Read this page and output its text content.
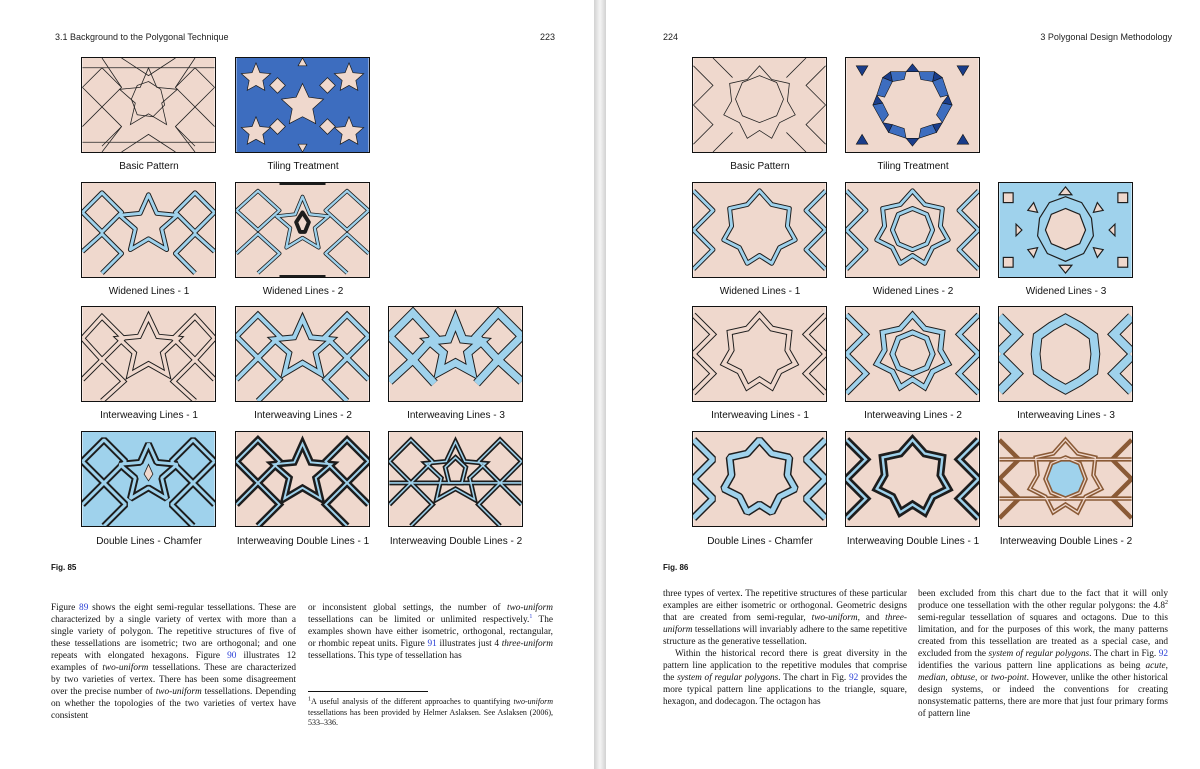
3.1 Background to the Polygonal Technique	223
Basic Pattern	Tiling Treatment
Widened Lines - 1	Widened Lines - 2
Interweaving Lines - 1	Interweaving Lines - 2	Interweaving Lines - 3
Double Lines - Chamfer	Interweaving Double Lines - 1	Interweaving Double Lines - 2
Fig. 85

Figure 89 shows the eight semi-regular tessellations. These are characterized by a single variety of vertex with more than a single variety of polygon. The repetitive structures of five of these tessellations are isometric; two are orthogonal; and one repeats with elongated hexagons. Figure 90 illustrates 12 examples of two-uniform tessellations. These are characterized by two varieties of vertex. There has been some disagreement over the precise number of two-uniform tessellations. Depending on whether the topologies of the two varieties of vertex have consistent

or inconsistent global settings, the number of two-uniform tessellations can be limited or unlimited respectively.$^1$ The examples shown have either isometric, orthogonal, rectangular, or rhombic repeat units. Figure 91 illustrates just 4 three-uniform tessellations. This type of tessellation has

$^1$A useful analysis of the different approaches to quantifying two-uniform tessellations has been provided by Helmer Aslaksen. See Aslaksen (2006), 533–336.
224	3 Polygonal Design Methodology
Basic Pattern	Tiling Treatment
Widened Lines - 1	Widened Lines - 2	Widened Lines - 3
Interweaving Lines - 1	Interweaving Lines - 2	Interweaving Lines - 3
Double Lines - Chamfer	Interweaving Double Lines - 1	Interweaving Double Lines - 2
Fig. 86

three types of vertex. The repetitive structures of these particular examples are either isometric or orthogonal. Geometric designs that are created from semi-regular, two-uniform, and three-uniform tessellations will invariably adhere to the same repetitive structure as the generative tessellation.

Within the historical record there is great diversity in the pattern line application to the repetitive modules that comprise the system of regular polygons. The chart in Fig. 92 provides the more typical pattern line applications to the triangle, square, hexagon, and dodecagon. The octagon has

been excluded from this chart due to the fact that it will only produce one tessellation with the other regular polygons: the $4.8^2$ semi-regular tessellation of squares and octagons. Due to this limitation, and for the purposes of this work, the many patterns created from this tessellation are treated as a special case, and excluded from the system of regular polygons. The chart in Fig. 92 identifies the various pattern line applications as being acute, median, obtuse, or two-point. However, unlike the other historical design systems, or indeed the conventions for creating nonsystematic patterns, there are more that just four primary forms of pattern line
